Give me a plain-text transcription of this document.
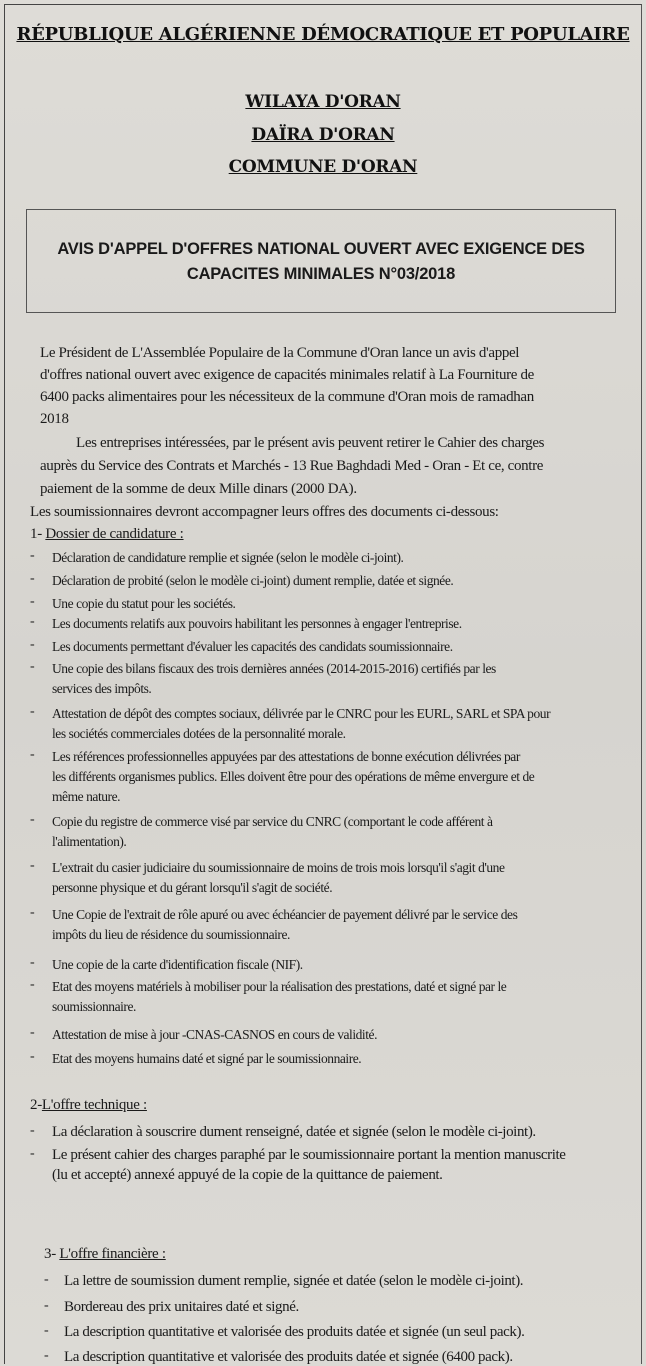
RÉPUBLIQUE ALGÉRIENNE DÉMOCRATIQUE ET POPULAIRE
WILAYA D'ORAN
DAÏRA D'ORAN
COMMUNE D'ORAN
AVIS D'APPEL D'OFFRES NATIONAL OUVERT AVEC EXIGENCE DES
CAPACITES MINIMALES N°03/2018
Le Président de L'Assemblée Populaire de la Commune d'Oran lance un avis d'appel
d'offres national ouvert avec exigence de capacités minimales relatif à La Fourniture de
6400 packs alimentaires pour les nécessiteux de la commune d'Oran mois de ramadhan
2018
Les entreprises intéressées, par le présent avis peuvent retirer le Cahier des charges
auprès du Service des Contrats et Marchés - 13 Rue Baghdadi Med - Oran - Et ce, contre
paiement de la somme de deux Mille dinars (2000 DA).
Les soumissionnaires devront accompagner leurs offres des documents ci-dessous:
1- Dossier de candidature :
- Déclaration de candidature remplie et signée (selon le modèle ci-joint).
- Déclaration de probité (selon le modèle ci-joint) dument remplie, datée et signée.
- Une copie du statut pour les sociétés.
- Les documents relatifs aux pouvoirs habilitant les personnes à engager l'entreprise.
- Les documents permettant d'évaluer les capacités des candidats soumissionnaire.
- Une copie des bilans fiscaux des trois dernières années (2014-2015-2016) certifiés par les
services des impôts.
- Attestation de dépôt des comptes sociaux, délivrée par le CNRC pour les EURL, SARL et SPA pour
les sociétés commerciales dotées de la personnalité morale.
- Les références professionnelles appuyées par des attestations de bonne exécution délivrées par
les différents organismes publics. Elles doivent être pour des opérations de même envergure et de
même nature.
- Copie du registre de commerce visé par service du CNRC (comportant le code afférent à
l'alimentation).
- L'extrait du casier judiciaire du soumissionnaire de moins de trois mois lorsqu'il s'agit d'une
personne physique et du gérant lorsqu'il s'agit de société.
- Une Copie de l'extrait de rôle apuré ou avec échéancier de payement délivré par le service des
impôts du lieu de résidence du soumissionnaire.
- Une copie de la carte d'identification fiscale (NIF).
- Etat des moyens matériels à mobiliser pour la réalisation des prestations, daté et signé par le
soumissionnaire.
- Attestation de mise à jour -CNAS-CASNOS en cours de validité.
- Etat des moyens humains daté et signé par le soumissionnaire.
2-L'offre technique :
- La déclaration à souscrire dument renseigné, datée et signée (selon le modèle ci-joint).
- Le présent cahier des charges paraphé par le soumissionnaire portant la mention manuscrite
(lu et accepté) annexé appuyé de la copie de la quittance de paiement.
3- L'offre financière :
- La lettre de soumission dument remplie, signée et datée (selon le modèle ci-joint).
- Bordereau des prix unitaires daté et signé.
- La description quantitative et valorisée des produits datée et signée (un seul pack).
- La description quantitative et valorisée des produits datée et signée (6400 pack).
